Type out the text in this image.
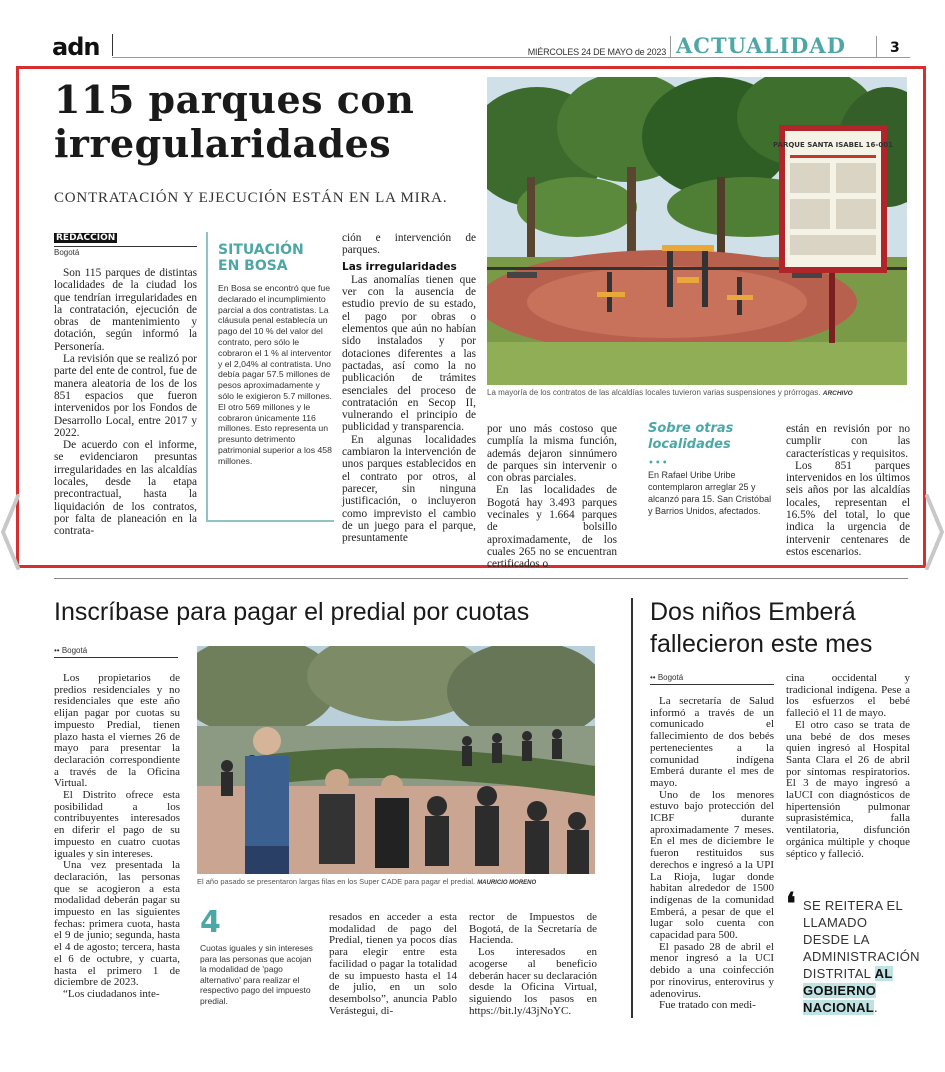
adn	MIÉRCOLES 24 DE MAYO de 2023 ACTUALIDAD	3
115 parques con irregularidades
CONTRATACIÓN Y EJECUCIÓN ESTÁN EN LA MIRA.
REDACCIÓN
Bogotá

Son 115 parques de distintas localidades de la ciudad los que tendrían irregularidades en la contratación, ejecución de obras de mantenimiento y dotación, según informó la Personería.

La revisión que se realizó por parte del ente de control, fue de manera aleatoria de los de los 851 espacios que fueron intervenidos por los Fondos de Desarrollo Local, entre 2017 y 2022.

De acuerdo con el informe, se evidenciaron presuntas irregularidades en las alcaldías locales, desde la etapa precontractual, hasta la liquidación de los contratos, por falta de planeación en la contrata-

SITUACIÓN EN BOSA
En Bosa se encontró que fue declarado el incumplimiento parcial a dos contratistas. La cláusula penal establecía un pago del 10 % del valor del contrato, pero sólo le cobraron el 1 % al interventor y el 2,04% al contratista. Uno debía pagar 57.5 millones de pesos aproximadamente y sólo le exigieron 5.7 millones. El otro 569 millones y le cobraron únicamente 116 millones. Esto representa un presunto detrimento patrimonial superior a los 458 millones.
ción e intervención de parques.
Las irregularidades

Las anomalías tienen que ver con la ausencia de estudio previo de su estado, el pago por obras o elementos que aún no habían sido instalados y por dotaciones diferentes a las pactadas, así como la no publicación de trámites esenciales del proceso de contratación en Secop II, vulnerando el principio de publicidad y transparencia.

En algunas localidades cambiaron la intervención de unos parques establecidos en el contrato por otros, al parecer, sin ninguna justificación, o incluyeron como imprevisto el cambio de un juego para el parque, presuntamente

PARQUE SANTA ISABEL 16-001
La mayoría de los contratos de las alcaldías locales tuvieron varias suspensiones y prórrogas. ARCHIVO
por uno más costoso que cumplía la misma función, además dejaron sinnúmero de parques sin intervenir o con obras parciales.

En las localidades de Bogotá hay 3.493 parques vecinales y 1.664 parques de bolsillo aproximadamente, de los cuales 265 no se encuentran certificados o

Sobre otras localidades
•••
En Rafael Uribe Uribe contemplaron arreglar 25 y alcanzó para 15. San Cristóbal y Barrios Unidos, afectados.
están en revisión por no cumplir con las características y requisitos.

Los 851 parques intervenidos en los últimos seis años por las alcaldías locales, representan el 16.5% del total, lo que indica la urgencia de intervenir centenares de estos escenarios.

Inscríbase para pagar el predial por cuotas
•• Bogotá

Los propietarios de predios residenciales y no residenciales que este año elijan pagar por cuotas su impuesto Predial, tienen plazo hasta el viernes 26 de mayo para presentar la declaración correspondiente a través de la Oficina Virtual.

El Distrito ofrece esta posibilidad a los contribuyentes interesados en diferir el pago de su impuesto en cuatro cuotas iguales y sin intereses.

Una vez presentada la declaración, las personas que se acogieron a esta modalidad deberán pagar su impuesto en las siguientes fechas: primera cuota, hasta el 9 de junio; segunda, hasta el 4 de agosto; tercera, hasta el 6 de octubre, y cuarta, hasta el primero 1 de diciembre de 2023.

“Los ciudadanos inte-

El año pasado se presentaron largas filas en los Super CADE para pagar el predial. MAURICIO MORENO
4
Cuotas iguales y sin intereses para las personas que acojan la modalidad de 'pago alternativo' para realizar el respectivo pago del impuesto predial.
resados en acceder a esta modalidad de pago del Predial, tienen ya pocos días para elegir entre esta facilidad o pagar la totalidad de su impuesto hasta el 14 de julio, en un solo desembolso”, anuncia Pablo Verástegui, di-
rector de Impuestos de Bogotá, de la Secretaría de Hacienda.

Los interesados en acogerse al beneficio deberán hacer su declaración desde la Oficina Virtual, siguiendo los pasos en https://bit.ly/43jNoYC.

Dos niños Emberá fallecieron este mes
•• Bogotá

La secretaría de Salud informó a través de un comunicado el fallecimiento de dos bebés pertenecientes a la comunidad indígena Emberá durante el mes de mayo.

Uno de los menores estuvo bajo protección del ICBF durante aproximadamente 7 meses. En el mes de diciembre le fueron restituidos sus derechos e ingresó a la UPI La Rioja, lugar donde habitan alrededor de 1500 indígenas de la comunidad Emberá, a pesar de que el lugar solo cuenta con capacidad para 500.

El pasado 28 de abril el menor ingresó a la UCI debido a una coinfección por rinovirus, enterovirus y adenovirus.

Fue tratado con medi-

cina occidental y tradicional indígena. Pese a los esfuerzos el bebé falleció el 11 de mayo.

El otro caso se trata de una bebé de dos meses quien ingresó al Hospital Santa Clara el 26 de abril por síntomas respiratorios. El 3 de mayo ingresó a laUCI con diagnósticos de hipertensión pulmonar suprasistémica, falla ventilatoria, disfunción orgánica múltiple y choque séptico y falleció.

❛ SE REITERA EL LLAMADO DESDE LA ADMINISTRACIÓN DISTRITAL AL GOBIERNO NACIONAL.
